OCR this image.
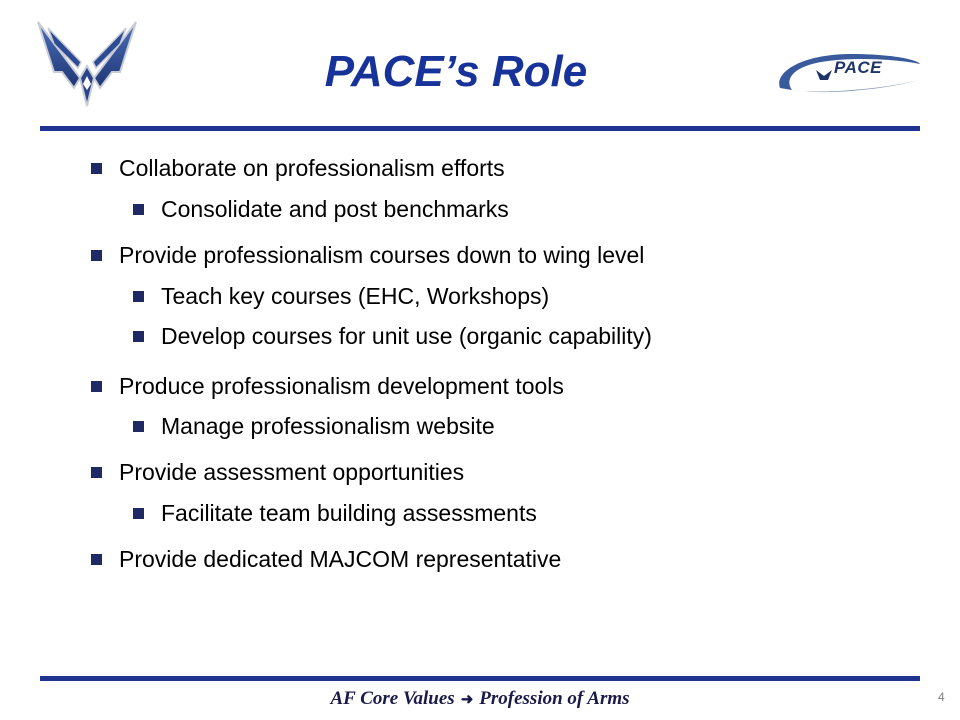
PACE
PACE’s Role
Collaborate on professionalism efforts
Consolidate and post benchmarks
Provide professionalism courses down to wing level
Teach key courses (EHC, Workshops)
Develop courses for unit use (organic capability)
Produce professionalism development tools
Manage professionalism website
Provide assessment opportunities
Facilitate team building assessments
Provide dedicated MAJCOM representative
AF Core Values ➜ Profession of Arms	4
